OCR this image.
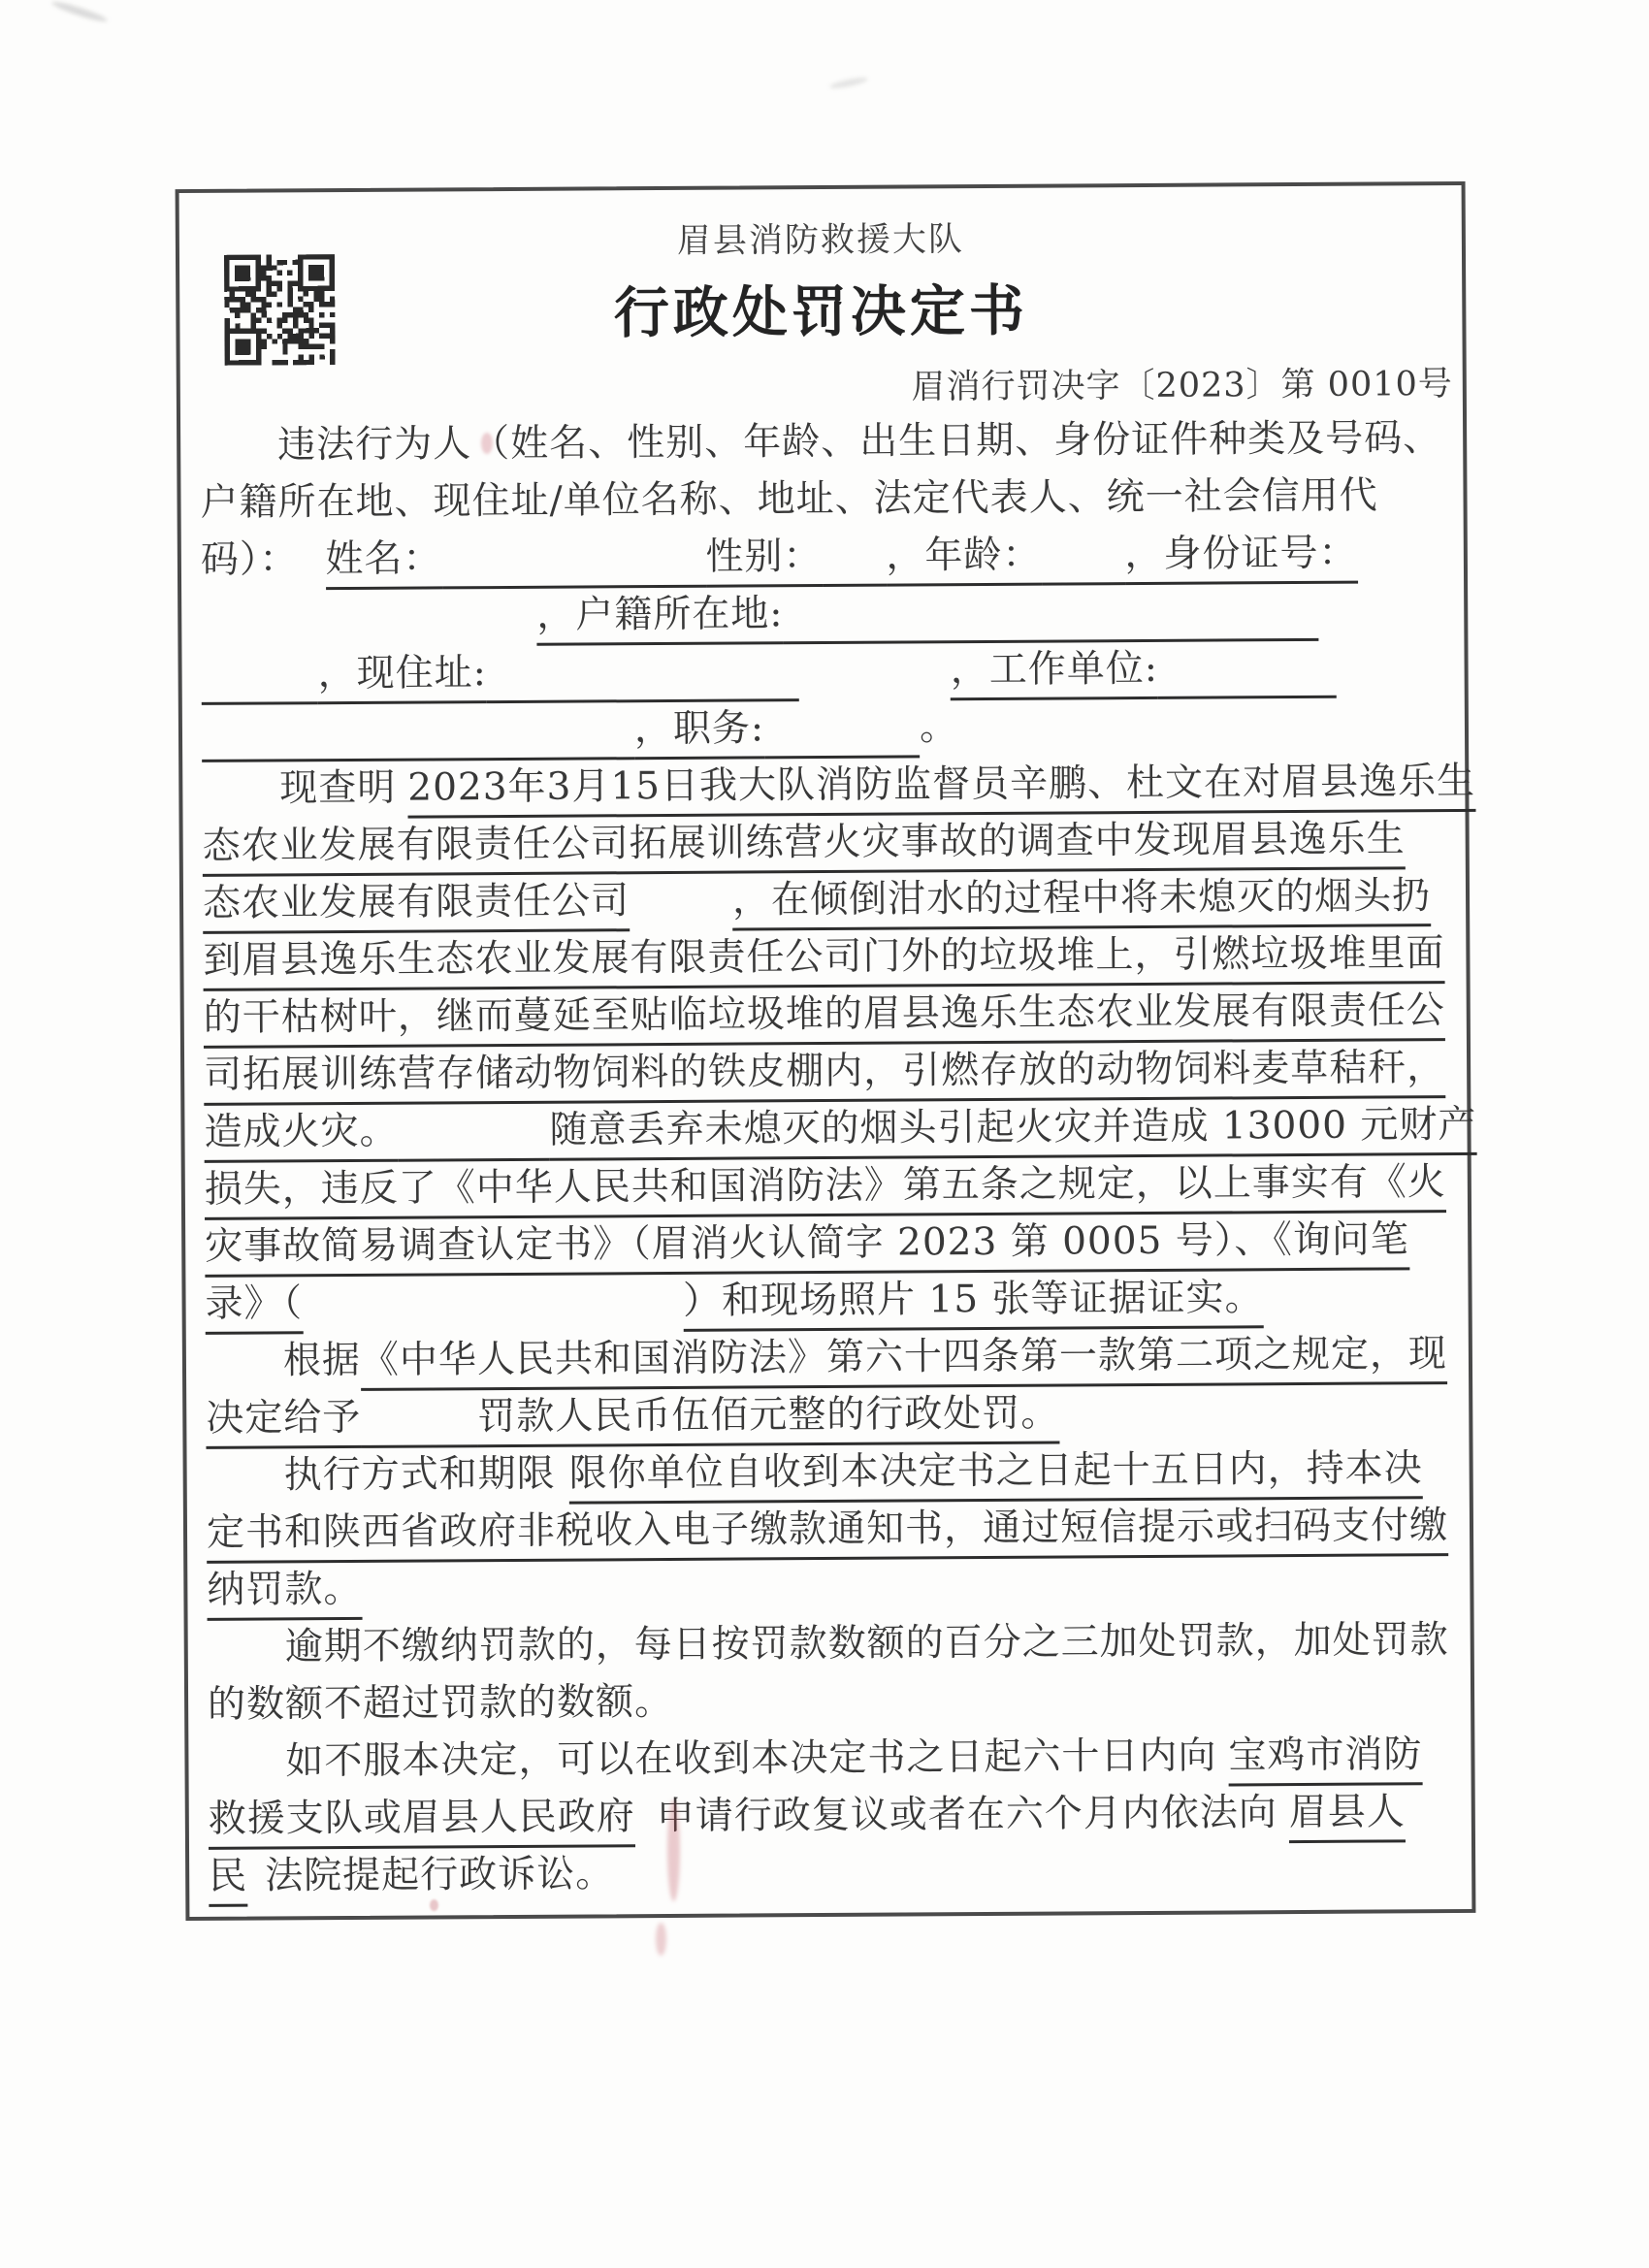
眉县消防救援大队
行政处罚决定书
眉消行罚决字〔2023〕第 0010号
违法行为人（姓名、性别、年龄、出生日期、身份证件种类及号码、
户籍所在地、现住址/单位名称、地址、法定代表人、统一社会信用代
码）： 姓名：	性别： ，年龄： ，身份证号：
，户籍所在地:
，现住址:	，工作单位:
，职务:	。
现查明 2023年3月15日我大队消防监督员辛鹏、杜文在对眉县逸乐生
态农业发展有限责任公司拓展训练营火灾事故的调查中发现眉县逸乐生
态农业发展有限责任公司	，在倾倒泔水的过程中将未熄灭的烟头扔
到眉县逸乐生态农业发展有限责任公司门外的垃圾堆上，引燃垃圾堆里面
的干枯树叶，继而蔓延至贴临垃圾堆的眉县逸乐生态农业发展有限责任公
司拓展训练营存储动物饲料的铁皮棚内，引燃存放的动物饲料麦草秸秆，
造成火灾。	随意丢弃未熄灭的烟头引起火灾并造成 13000 元财产
损失，违反了《中华人民共和国消防法》第五条之规定，以上事实有《火
灾事故简易调查认定书》（眉消火认简字 2023 第 0005 号）、《询问笔
录》（	）和现场照片 15 张等证据证实。
根据《中华人民共和国消防法》第六十四条第一款第二项之规定，现
决定给予	罚款人民币伍佰元整的行政处罚。
执行方式和期限 限你单位自收到本决定书之日起十五日内，持本决
定书和陕西省政府非税收入电子缴款通知书，通过短信提示或扫码支付缴
纳罚款。
逾期不缴纳罚款的，每日按罚款数额的百分之三加处罚款，加处罚款
的数额不超过罚款的数额。
如不服本决定，可以在收到本决定书之日起六十日内向 宝鸡市消防
救援支队或眉县人民政府 申请行政复议或者在六个月内依法向 眉县人
民 法院提起行政诉讼。
